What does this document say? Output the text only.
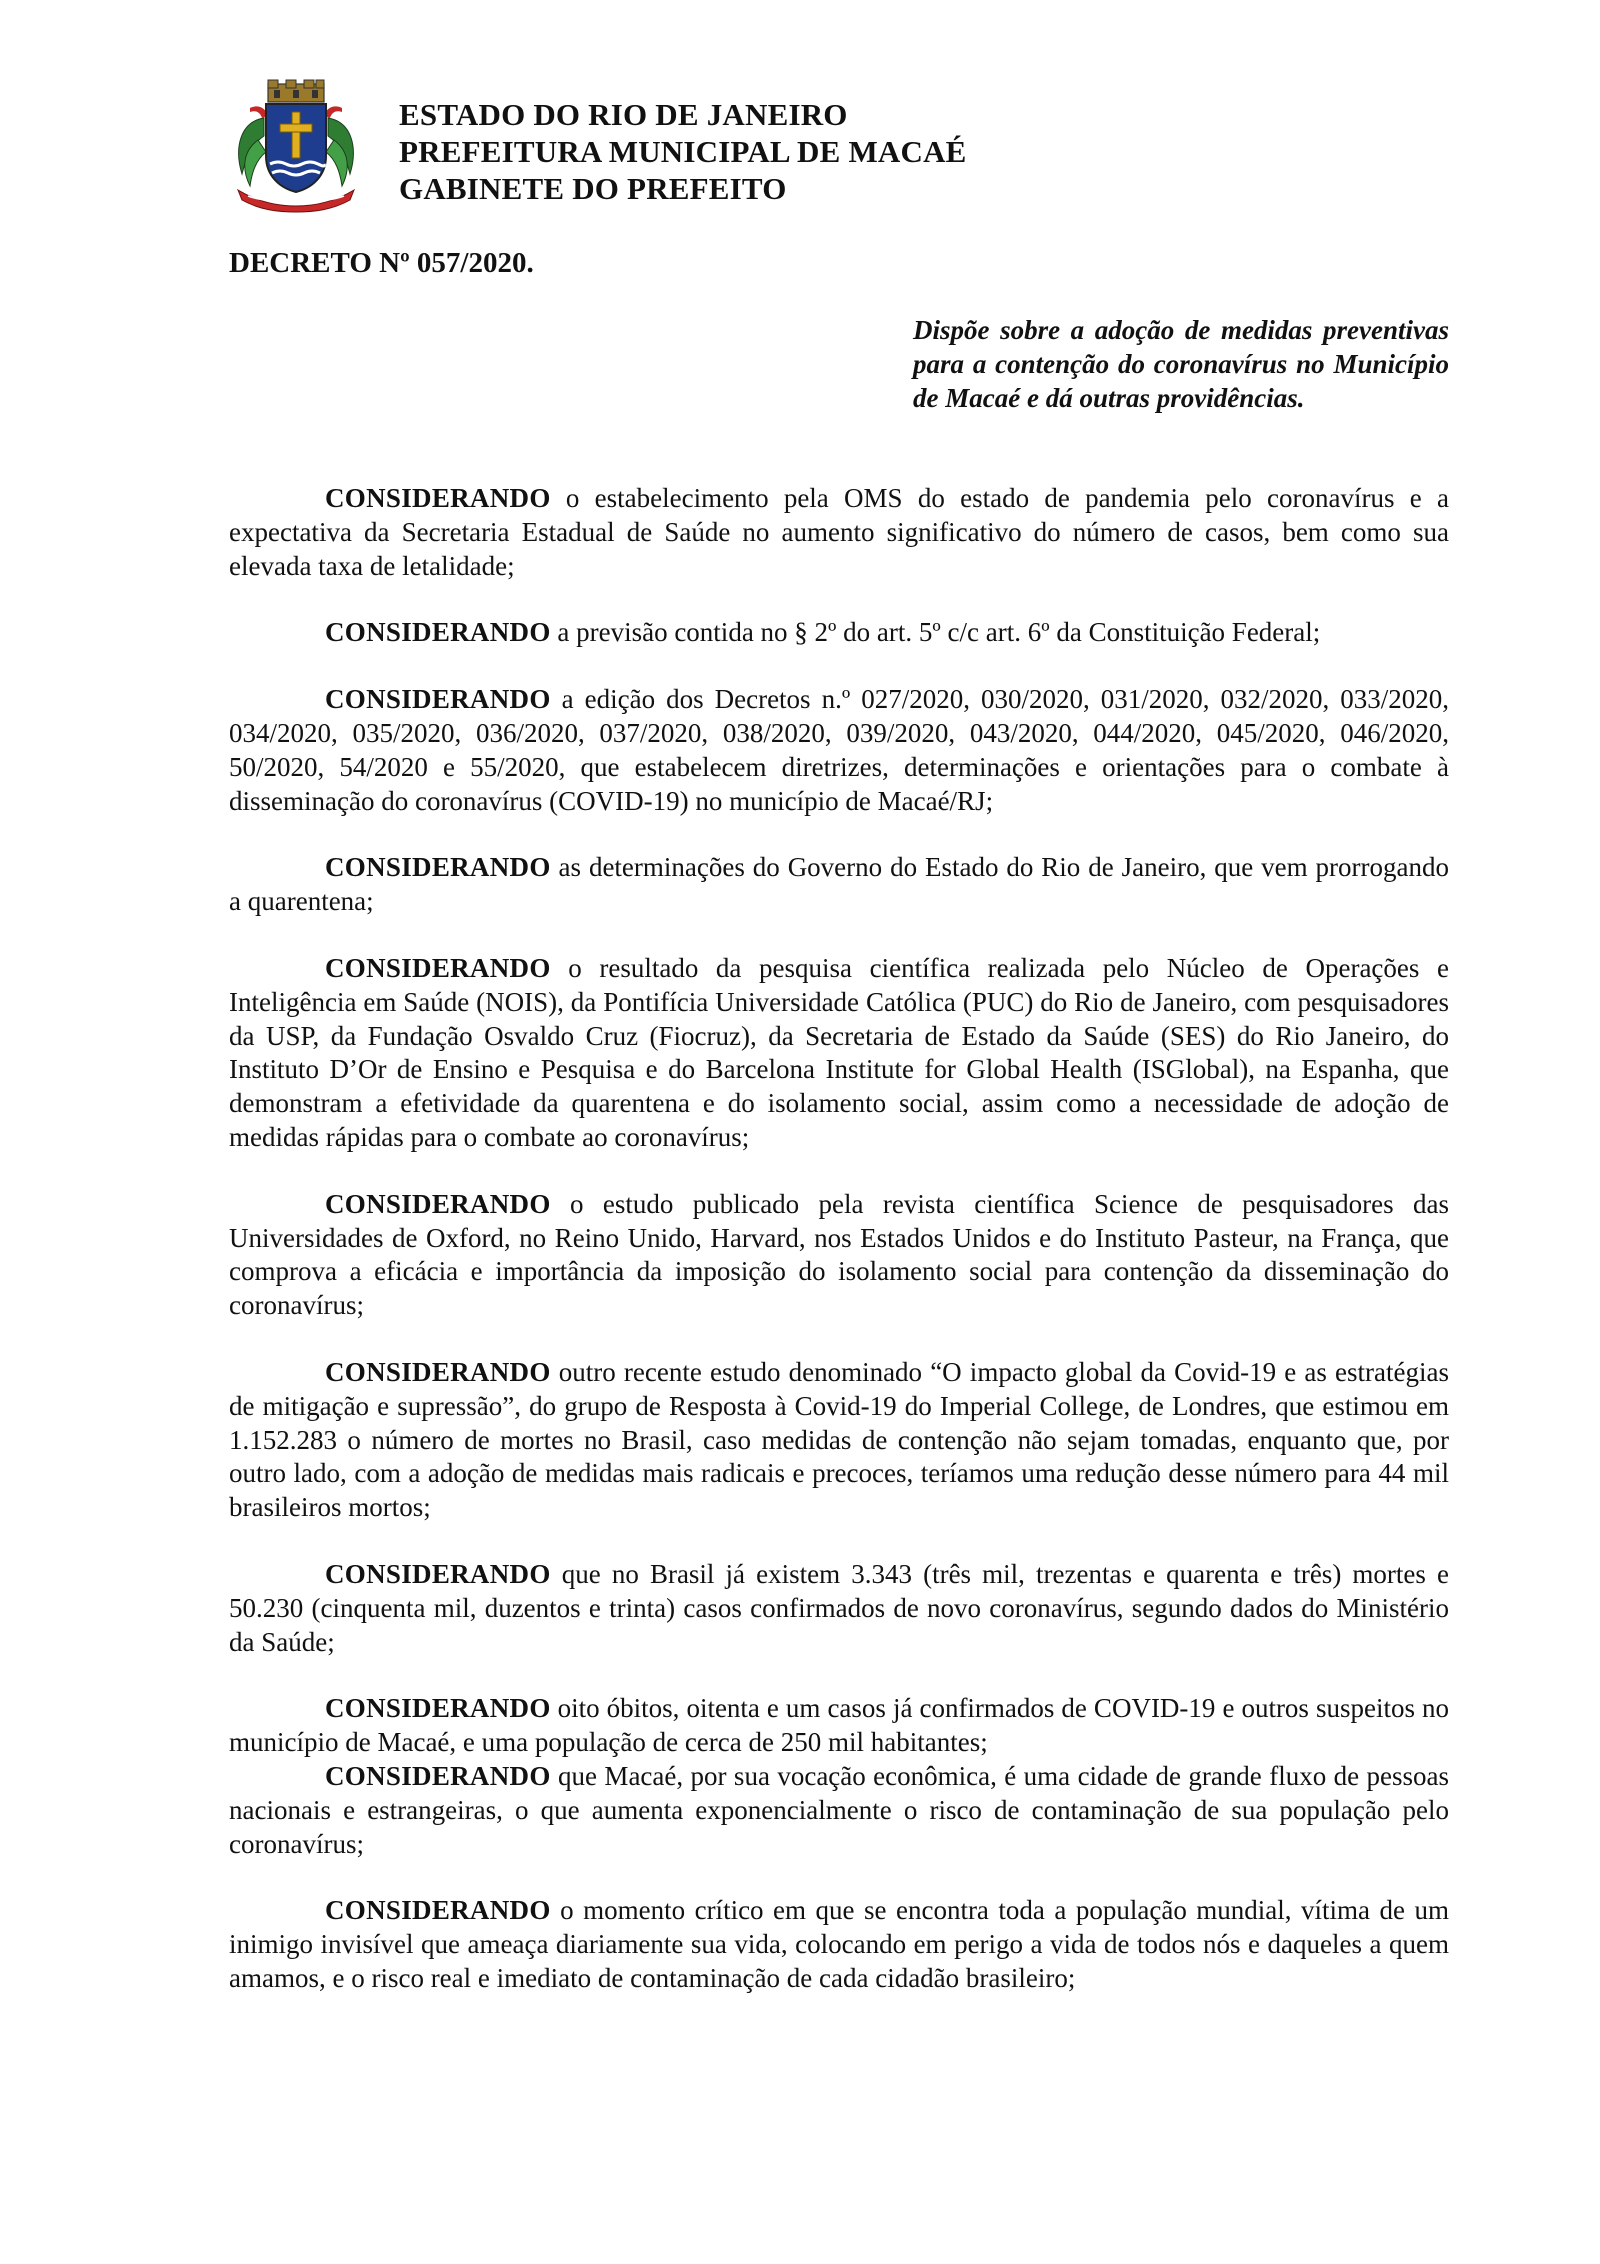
ESTADO DO RIO DE JANEIRO
PREFEITURA MUNICIPAL DE MACAÉ
GABINETE DO PREFEITO
DECRETO Nº 057/2020.
Dispõe sobre a adoção de medidas preventivas para a contenção do coronavírus no Município de Macaé e dá outras providências.

CONSIDERANDO o estabelecimento pela OMS do estado de pandemia pelo coronavírus e a expectativa da Secretaria Estadual de Saúde no aumento significativo do número de casos, bem como sua elevada taxa de letalidade;

CONSIDERANDO a previsão contida no § 2º do art. 5º c/c art. 6º da Constituição Federal;

CONSIDERANDO a edição dos Decretos n.º 027/2020, 030/2020, 031/2020, 032/2020, 033/2020, 034/2020, 035/2020, 036/2020, 037/2020, 038/2020, 039/2020, 043/2020, 044/2020, 045/2020, 046/2020, 50/2020, 54/2020 e 55/2020, que estabelecem diretrizes, determinações e orientações para o combate à disseminação do coronavírus (COVID-19) no município de Macaé/RJ;

CONSIDERANDO as determinações do Governo do Estado do Rio de Janeiro, que vem prorrogando a quarentena;

CONSIDERANDO o resultado da pesquisa científica realizada pelo Núcleo de Operações e Inteligência em Saúde (NOIS), da Pontifícia Universidade Católica (PUC) do Rio de Janeiro, com pesquisadores da USP, da Fundação Osvaldo Cruz (Fiocruz), da Secretaria de Estado da Saúde (SES) do Rio Janeiro, do Instituto D’Or de Ensino e Pesquisa e do Barcelona Institute for Global Health (ISGlobal), na Espanha, que demonstram a efetividade da quarentena e do isolamento social, assim como a necessidade de adoção de medidas rápidas para o combate ao coronavírus;

CONSIDERANDO o estudo publicado pela revista científica Science de pesquisadores das Universidades de Oxford, no Reino Unido, Harvard, nos Estados Unidos e do Instituto Pasteur, na França, que comprova a eficácia e importância da imposição do isolamento social para contenção da disseminação do coronavírus;

CONSIDERANDO outro recente estudo denominado “O impacto global da Covid-19 e as estratégias de mitigação e supressão”, do grupo de Resposta à Covid-19 do Imperial College, de Londres, que estimou em 1.152.283 o número de mortes no Brasil, caso medidas de contenção não sejam tomadas, enquanto que, por outro lado, com a adoção de medidas mais radicais e precoces, teríamos uma redução desse número para 44 mil brasileiros mortos;

CONSIDERANDO que no Brasil já existem 3.343 (três mil, trezentas e quarenta e três) mortes e 50.230 (cinquenta mil, duzentos e trinta) casos confirmados de novo coronavírus, segundo dados do Ministério da Saúde;

CONSIDERANDO oito óbitos, oitenta e um casos já confirmados de COVID-19 e outros suspeitos no município de Macaé, e uma população de cerca de 250 mil habitantes;

CONSIDERANDO que Macaé, por sua vocação econômica, é uma cidade de grande fluxo de pessoas nacionais e estrangeiras, o que aumenta exponencialmente o risco de contaminação de sua população pelo coronavírus;

CONSIDERANDO o momento crítico em que se encontra toda a população mundial, vítima de um inimigo invisível que ameaça diariamente sua vida, colocando em perigo a vida de todos nós e daqueles a quem amamos, e o risco real e imediato de contaminação de cada cidadão brasileiro;
